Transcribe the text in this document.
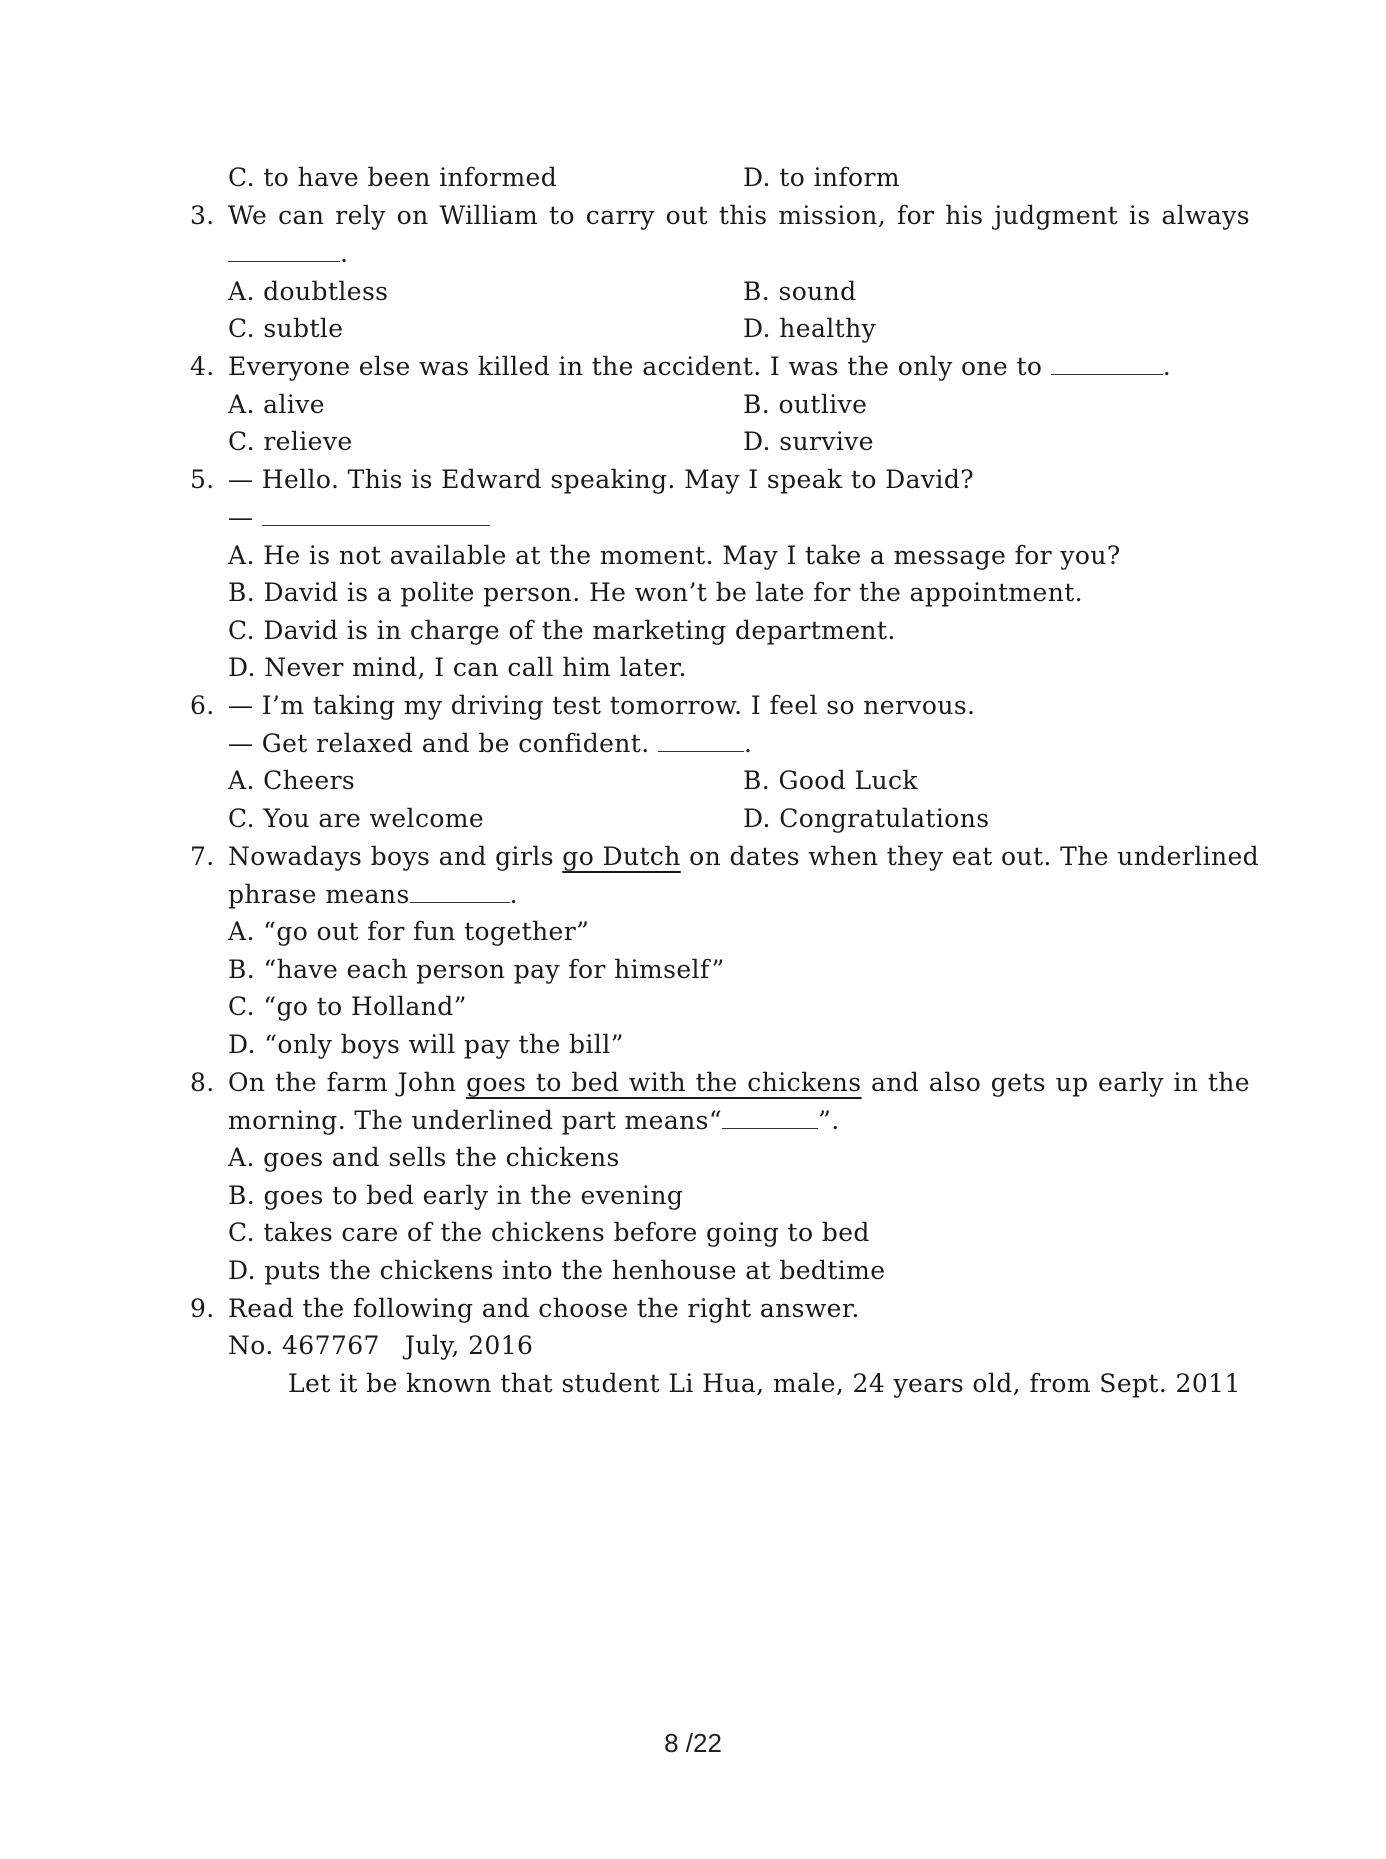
C. to have been informed	D. to inform
3. We can rely on William to carry out this mission, for his judgment is always
.
A. doubtless	B. sound
C. subtle	D. healthy
4. Everyone else was killed in the accident. I was the only one to	.
A. alive	B. outlive
C. relieve	D. survive
5. — Hello. This is Edward speaking. May I speak to David?
—
A. He is not available at the moment. May I take a message for you?
B. David is a polite person. He won’t be late for the appointment.
C. David is in charge of the marketing department.
D. Never mind, I can call him later.
6. — I’m taking my driving test tomorrow. I feel so nervous.
— Get relaxed and be confident.	.
A. Cheers	B. Good Luck
C. You are welcome	D. Congratulations
7. Nowadays boys and girls go Dutch on dates when they eat out. The underlined
phrase means	.
A. “go out for fun together”
B. “have each person pay for himself”
C. “go to Holland”
D. “only boys will pay the bill”
8. On the farm John goes to bed with the chickens and also gets up early in the
morning. The underlined part means“	”.
A. goes and sells the chickens
B. goes to bed early in the evening
C. takes care of the chickens before going to bed
D. puts the chickens into the henhouse at bedtime
9. Read the following and choose the right answer.
No. 467767   July, 2016
Let it be known that student Li Hua, male, 24 years old, from Sept. 2011
8 /22
